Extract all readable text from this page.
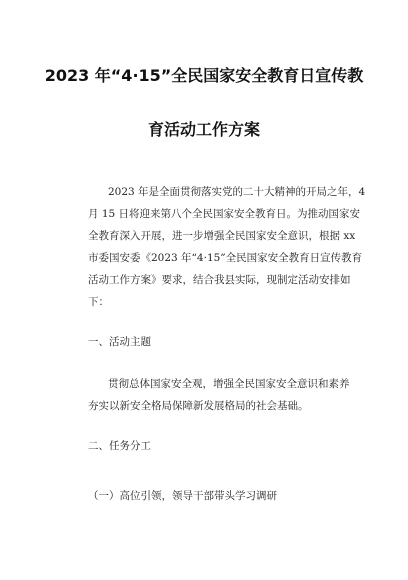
2023 年“4·15”全民国家安全教育日宣传教
育活动工作方案
2023 年是全面贯彻落实党的二十大精神的开局之年，4
月 15 日将迎来第八个全民国家安全教育日。为推动国家安
全教育深入开展，进一步增强全民国家安全意识，根据 xx
市委国安委《2023 年“4·15”全民国家安全教育日宣传教育
活动工作方案》要求，结合我县实际，现制定活动安排如
下：
一、活动主题
贯彻总体国家安全观，增强全民国家安全意识和素养
夯实以新安全格局保障新发展格局的社会基础。
二、任务分工
（一）高位引领，领导干部带头学习调研
